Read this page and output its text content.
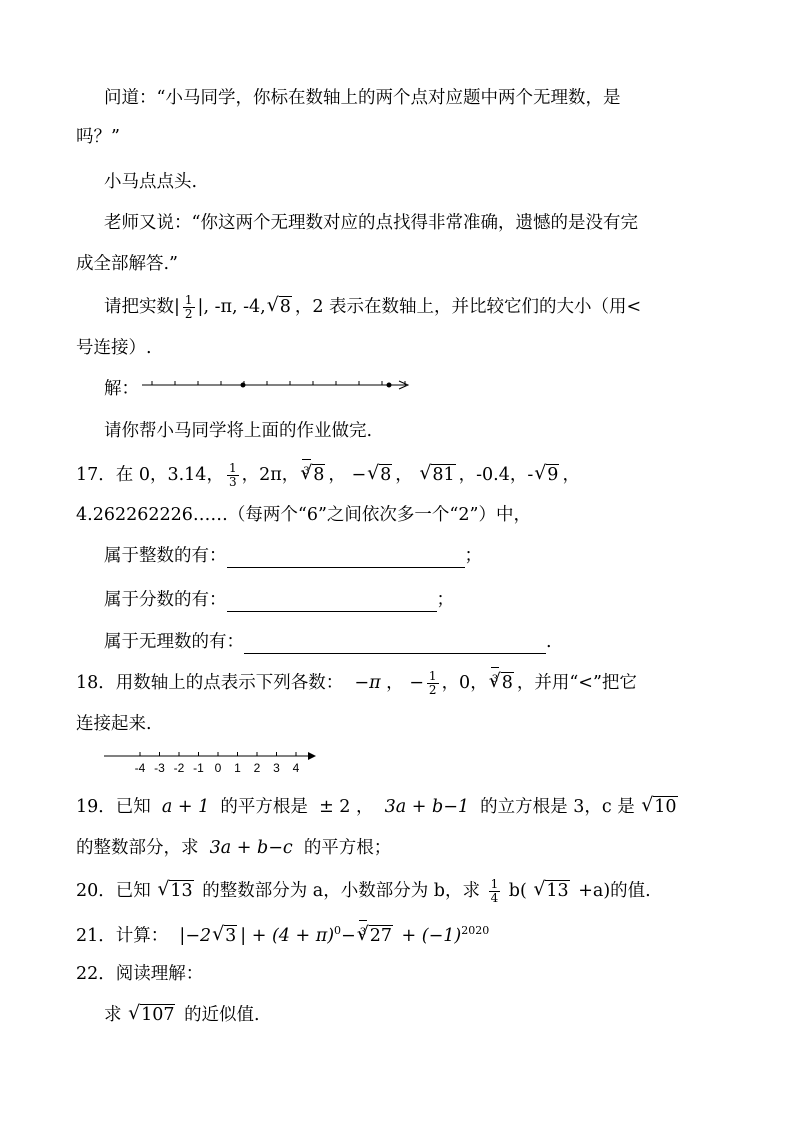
问道：“小马同学，你标在数轴上的两个点对应题中两个无理数，是
吗？”
小马点点头.
老师又说：“你这两个无理数对应的点找得非常准确，遗憾的是没有完
成全部解答.”
请把实数| $\frac{1}{2}$ |, -π, -4, √ 8 ，2 表示在数轴上，并比较它们的大小（用<
号连接）.
解：
请你帮小马同学将上面的作业做完.
17．在 0，3.14， $\frac{1}{3}$ ，2π， √ 3 8 ， − √ 8 ， √ 81 ，-0.4，- √ 9 ，
4.262262226……（每两个“6”之间依次多一个“2”）中，
属于整数的有：	；
属于分数的有：	；
属于无理数的有：	.
18．用数轴上的点表示下列各数： −π ， − $\frac{1}{2}$ ，0， √ 3 8 ，并用“<”把它
连接起来.
-4 -3 -2 -1 0 1 2 3 4
19．已知 a + 1 的平方根是 ± 2 ， 3a + b−1 的立方根是 3，c 是 √ 10
的整数部分，求 3a + b−c 的平方根；
20．已知 √ 13 的整数部分为 a，小数部分为 b，求 $\frac{1}{4} b$( √ 13 +a)的值.
21．计算： |−2 √ 3 | + $(4 + \pi)^0-$ √ 3 $27 + (-1)^{2020}$
22．阅读理解：
求 √ 107 的近似值.
